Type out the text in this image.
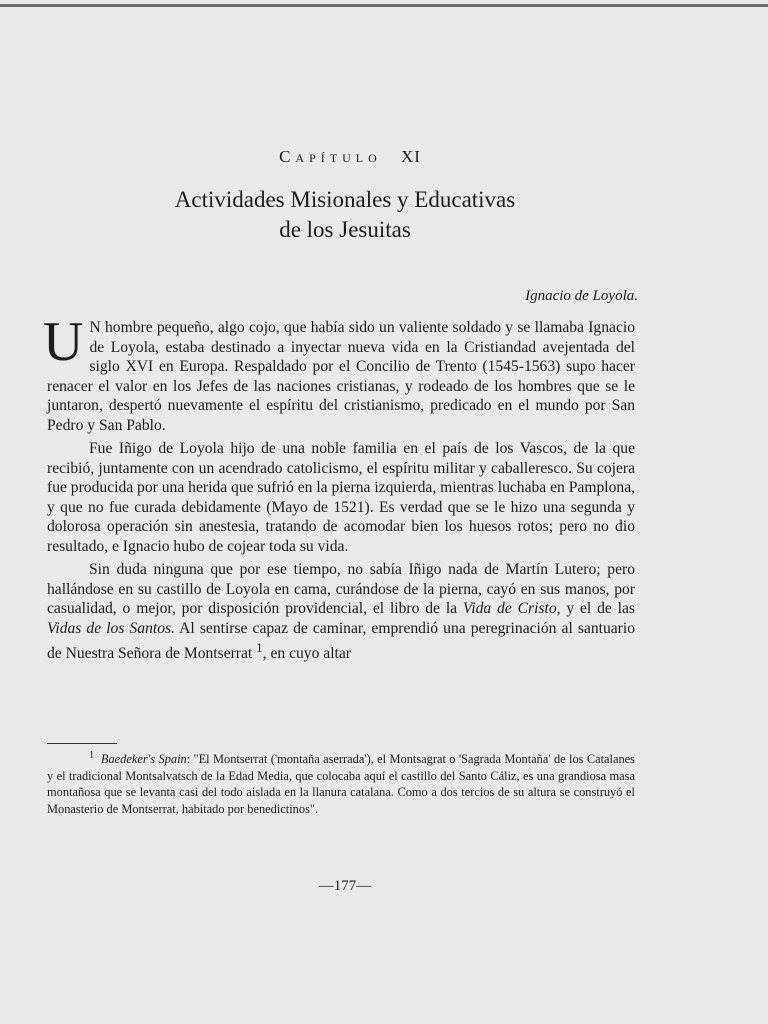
Capítulo XI
Actividades Misionales y Educativas
de los Jesuitas
Ignacio de Loyola.

U N hombre pequeño, algo cojo, que había sido un valiente soldado y se llamaba Ignacio de Loyola, estaba destinado a inyectar nueva vida en la Cristiandad avejentada del siglo XVI en Europa. Respaldado por el Concilio de Trento (1545-1563) supo hacer renacer el valor en los Jefes de las naciones cristianas, y rodeado de los hombres que se le juntaron, despertó nuevamente el espíritu del cristianismo, predicado en el mundo por San Pedro y San Pablo.

Fue Iñigo de Loyola hijo de una noble familia en el país de los Vascos, de la que recibió, juntamente con un acendrado catolicismo, el espíritu militar y caballeresco. Su cojera fue producida por una herida que sufrió en la pierna izquierda, mientras luchaba en Pamplona, y que no fue curada debidamente (Mayo de 1521). Es verdad que se le hizo una segunda y dolorosa operación sin anestesia, tratando de acomodar bien los huesos rotos; pero no dio resultado, e Ignacio hubo de cojear toda su vida.

Sin duda ninguna que por ese tiempo, no sabía Iñigo nada de Martín Lutero; pero hallándose en su castillo de Loyola en cama, curándose de la pierna, cayó en sus manos, por casualidad, o mejor, por disposición providencial, el libro de la Vida de Cristo, y el de las Vidas de los Santos. Al sentirse capaz de caminar, emprendió una peregrinación al santuario de Nuestra Señora de Montserrat $^1$, en cuyo altar

$^1$ Baedeker's Spain: "El Montserrat ('montaña aserrada'), el Montsagrat o 'Sagrada Montaña' de los Catalanes y el tradicional Montsalvatsch de la Edad Media, que colocaba aquí el castillo del Santo Cáliz, es una grandiosa masa montañosa que se levanta casi del todo aislada en la llanura catalana. Como a dos tercios de su altura se construyó el Monasterio de Montserrat, habitado por benedictinos".
—177—
